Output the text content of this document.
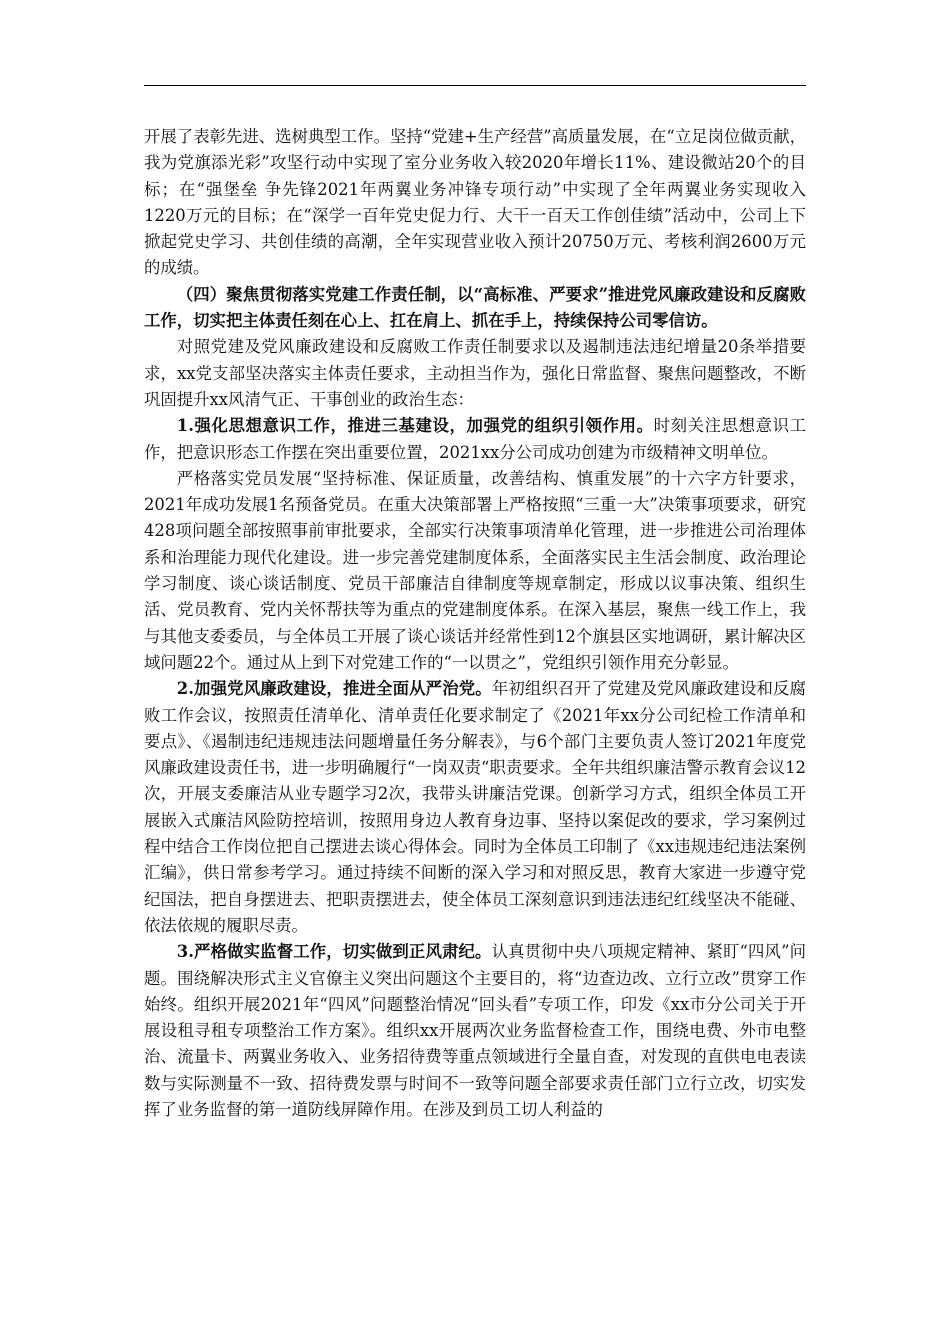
开展了表彰先进、选树典型工作。坚持“党建+生产经营”高质量发展，在“立足岗位做贡献，我为党旗添光彩”攻坚行动中实现了室分业务收入较2020年增长11%、建设微站20个的目标；在“强堡垒 争先锋2021年两翼业务冲锋专项行动”中实现了全年两翼业务实现收入1220万元的目标；在“深学一百年党史促力行、大干一百天工作创佳绩”活动中，公司上下掀起党史学习、共创佳绩的高潮，全年实现营业收入预计20750万元、考核利润2600万元的成绩。

（四）聚焦贯彻落实党建工作责任制，以“高标准、严要求”推进党风廉政建设和反腐败工作，切实把主体责任刻在心上、扛在肩上、抓在手上，持续保持公司零信访。

对照党建及党风廉政建设和反腐败工作责任制要求以及遏制违法违纪增量20条举措要求，xx党支部坚决落实主体责任要求，主动担当作为，强化日常监督、聚焦问题整改，不断巩固提升xx风清气正、干事创业的政治生态：

1.强化思想意识工作，推进三基建设，加强党的组织引领作用。时刻关注思想意识工作，把意识形态工作摆在突出重要位置，2021xx分公司成功创建为市级精神文明单位。

严格落实党员发展“坚持标准、保证质量，改善结构、慎重发展”的十六字方针要求， 2021年成功发展1名预备党员。在重大决策部署上严格按照“三重一大”决策事项要求，研究428项问题全部按照事前审批要求，全部实行决策事项清单化管理，进一步推进公司治理体系和治理能力现代化建设。进一步完善党建制度体系，全面落实民主生活会制度、政治理论学习制度、谈心谈话制度、党员干部廉洁自律制度等规章制定，形成以议事决策、组织生活、党员教育、党内关怀帮扶等为重点的党建制度体系。在深入基层，聚焦一线工作上，我与其他支委委员，与全体员工开展了谈心谈话并经常性到12个旗县区实地调研，累计解决区域问题22个。通过从上到下对党建工作的“一以贯之”，党组织引领作用充分彰显。

2.加强党风廉政建设，推进全面从严治党。年初组织召开了党建及党风廉政建设和反腐败工作会议，按照责任清单化、清单责任化要求制定了《2021年xx分公司纪检工作清单和要点》、《遏制违纪违规违法问题增量任务分解表》，与6个部门主要负责人签订2021年度党风廉政建设责任书，进一步明确履行“一岗双责“职责要求。全年共组织廉洁警示教育会议12次，开展支委廉洁从业专题学习2次，我带头讲廉洁党课。创新学习方式，组织全体员工开展嵌入式廉洁风险防控培训，按照用身边人教育身边事、坚持以案促改的要求，学习案例过程中结合工作岗位把自己摆进去谈心得体会。同时为全体员工印制了《xx违规违纪违法案例汇编》，供日常参考学习。通过持续不间断的深入学习和对照反思，教育大家进一步遵守党纪国法，把自身摆进去、把职责摆进去，使全体员工深刻意识到违法违纪红线坚决不能碰、依法依规的履职尽责。

3.严格做实监督工作，切实做到正风肃纪。认真贯彻中央八项规定精神、紧盯“四风”问题。围绕解决形式主义官僚主义突出问题这个主要目的，将“边查边改、立行立改”贯穿工作始终。组织开展2021年“四风”问题整治情况“回头看”专项工作，印发《xx市分公司关于开展设租寻租专项整治工作方案》。组织xx开展两次业务监督检查工作，围绕电费、外市电整治、流量卡、两翼业务收入、业务招待费等重点领域进行全量自查，对发现的直供电电表读数与实际测量不一致、招待费发票与时间不一致等问题全部要求责任部门立行立改，切实发挥了业务监督的第一道防线屏障作用。在涉及到员工切人利益的
